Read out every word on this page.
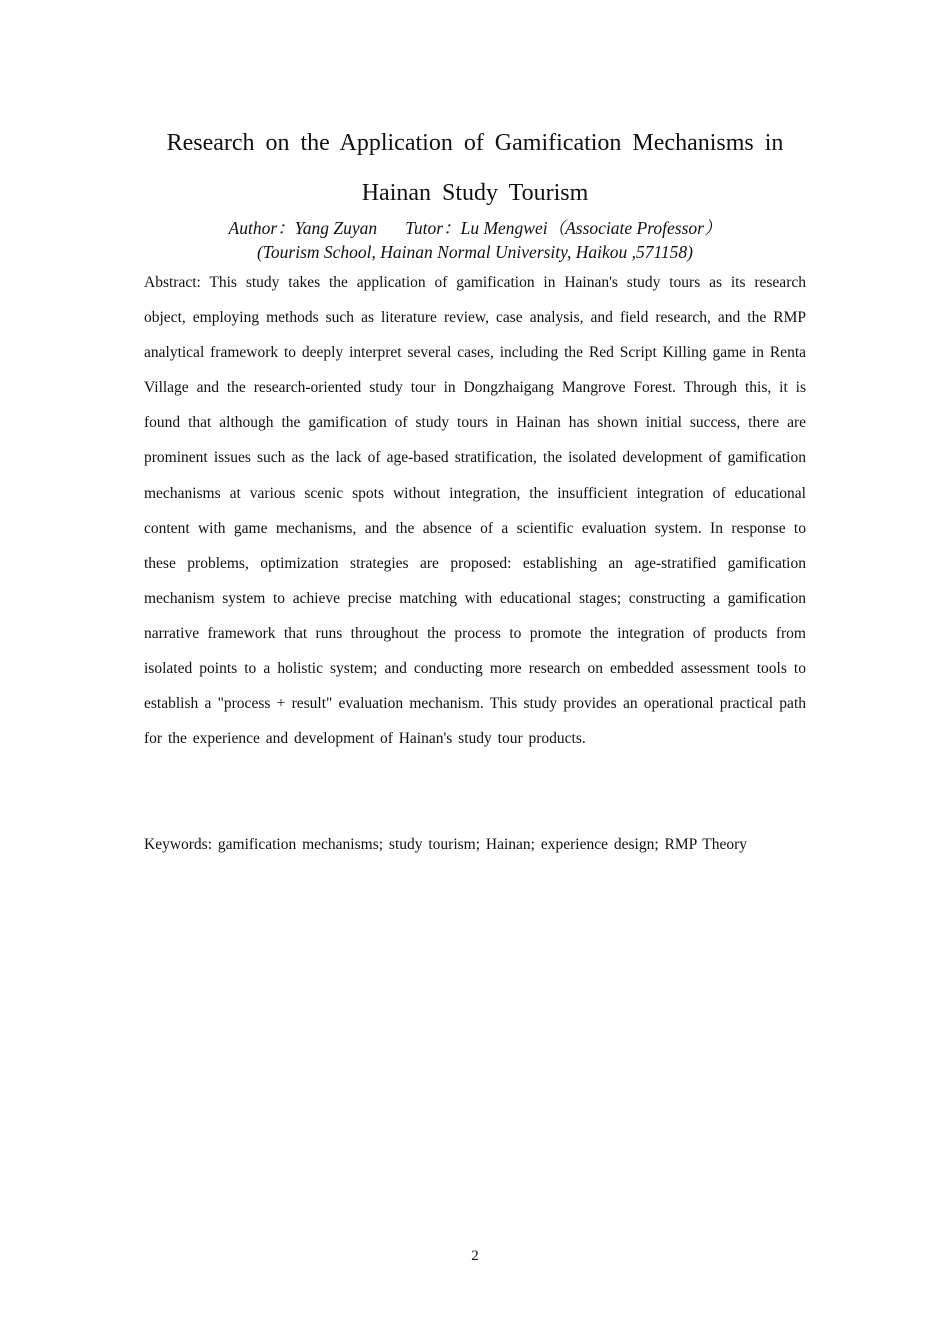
Research on the Application of Gamification Mechanisms in Hainan Study Tourism
Author：Yang Zuyan Tutor：Lu Mengwei（Associate Professor）
(Tourism School, Hainan Normal University, Haikou ,571158)

Abstract: This study takes the application of gamification in Hainan's study tours as its research object, employing methods such as literature review, case analysis, and field research, and the RMP analytical framework to deeply interpret several cases, including the Red Script Killing game in Renta Village and the research-oriented study tour in Dongzhaigang Mangrove Forest. Through this, it is found that although the gamification of study tours in Hainan has shown initial success, there are prominent issues such as the lack of age-based stratification, the isolated development of gamification mechanisms at various scenic spots without integration, the insufficient integration of educational content with game mechanisms, and the absence of a scientific evaluation system. In response to these problems, optimization strategies are proposed: establishing an age-stratified gamification mechanism system to achieve precise matching with educational stages; constructing a gamification narrative framework that runs throughout the process to promote the integration of products from isolated points to a holistic system; and conducting more research on embedded assessment tools to establish a "process + result" evaluation mechanism. This study provides an operational practical path for the experience and development of Hainan's study tour products.

Keywords: gamification mechanisms; study tourism; Hainan; experience design; RMP Theory

2
